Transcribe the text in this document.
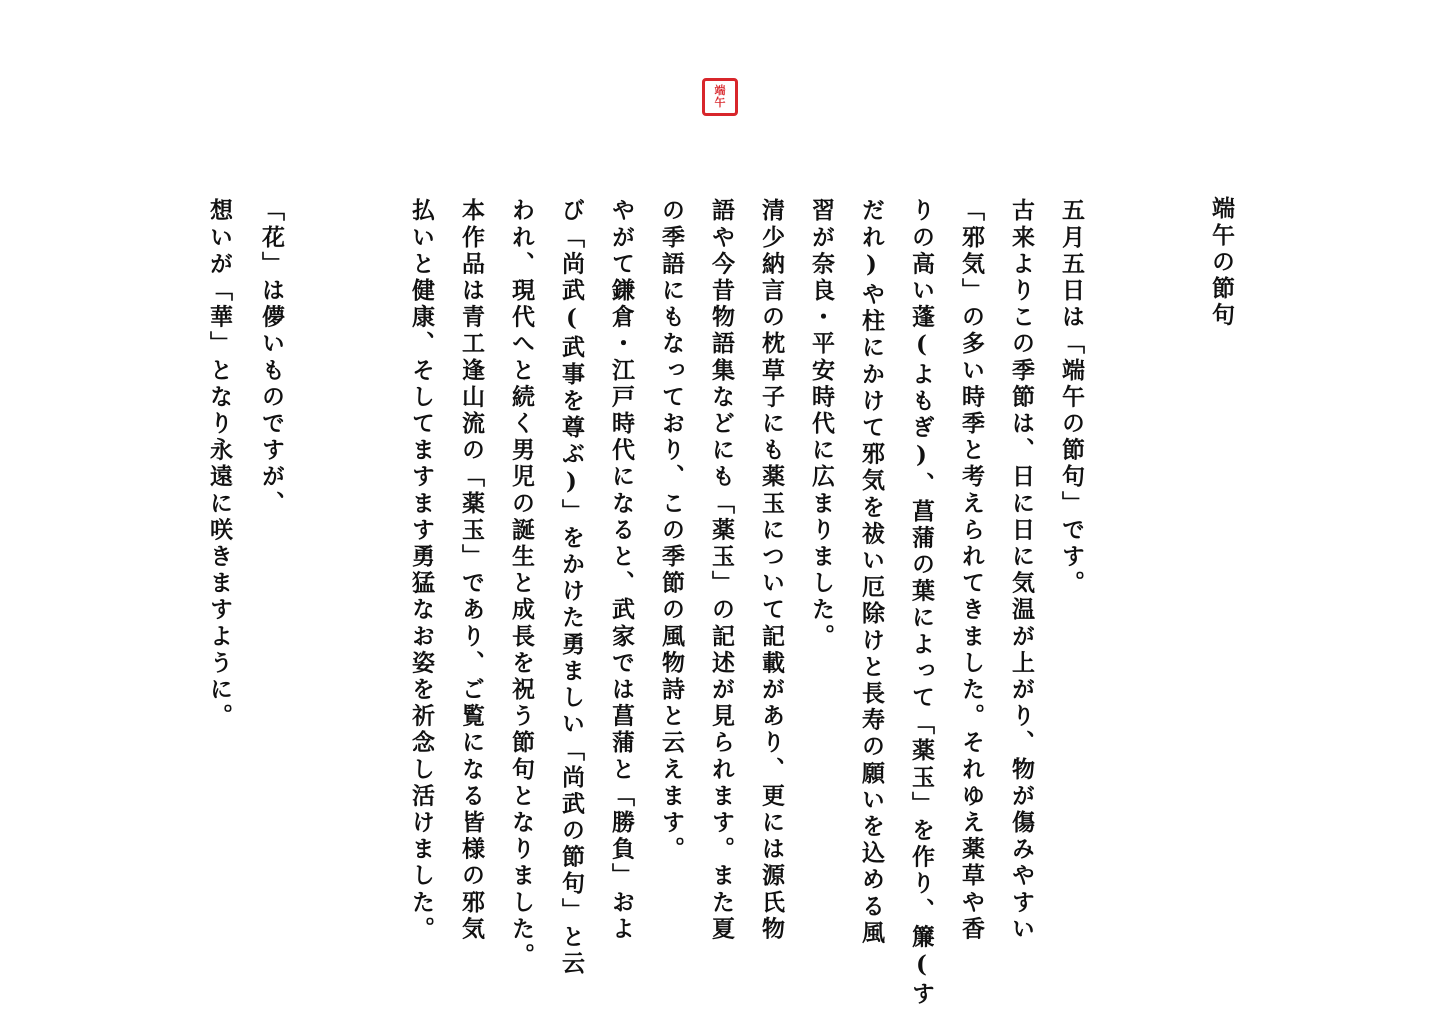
端
午
端午の節句
五月五日は「端午の節句」です。
古来よりこの季節は、日に日に気温が上がり、物が傷みやすい
「邪気」の多い時季と考えられてきました。それゆえ薬草や香
りの高い蓬(よもぎ)、菖蒲の葉によって「薬玉」を作り、簾(す
だれ)や柱にかけて邪気を祓い厄除けと長寿の願いを込める風
習が奈良・平安時代に広まりました。
清少納言の枕草子にも薬玉について記載があり、更には源氏物
語や今昔物語集などにも「薬玉」の記述が見られます。また夏
の季語にもなっており、この季節の風物詩と云えます。
やがて鎌倉・江戸時代になると、武家では菖蒲と「勝負」およ
び「尚武(武事を尊ぶ)」をかけた勇ましい「尚武の節句」と云
われ、現代へと続く男児の誕生と成長を祝う節句となりました。
本作品は青工逢山流の「薬玉」であり、ご覧になる皆様の邪気
払いと健康、そしてますます勇猛なお姿を祈念し活けました。
「花」は儚いものですが、
想いが「華」となり永遠に咲きますように。
